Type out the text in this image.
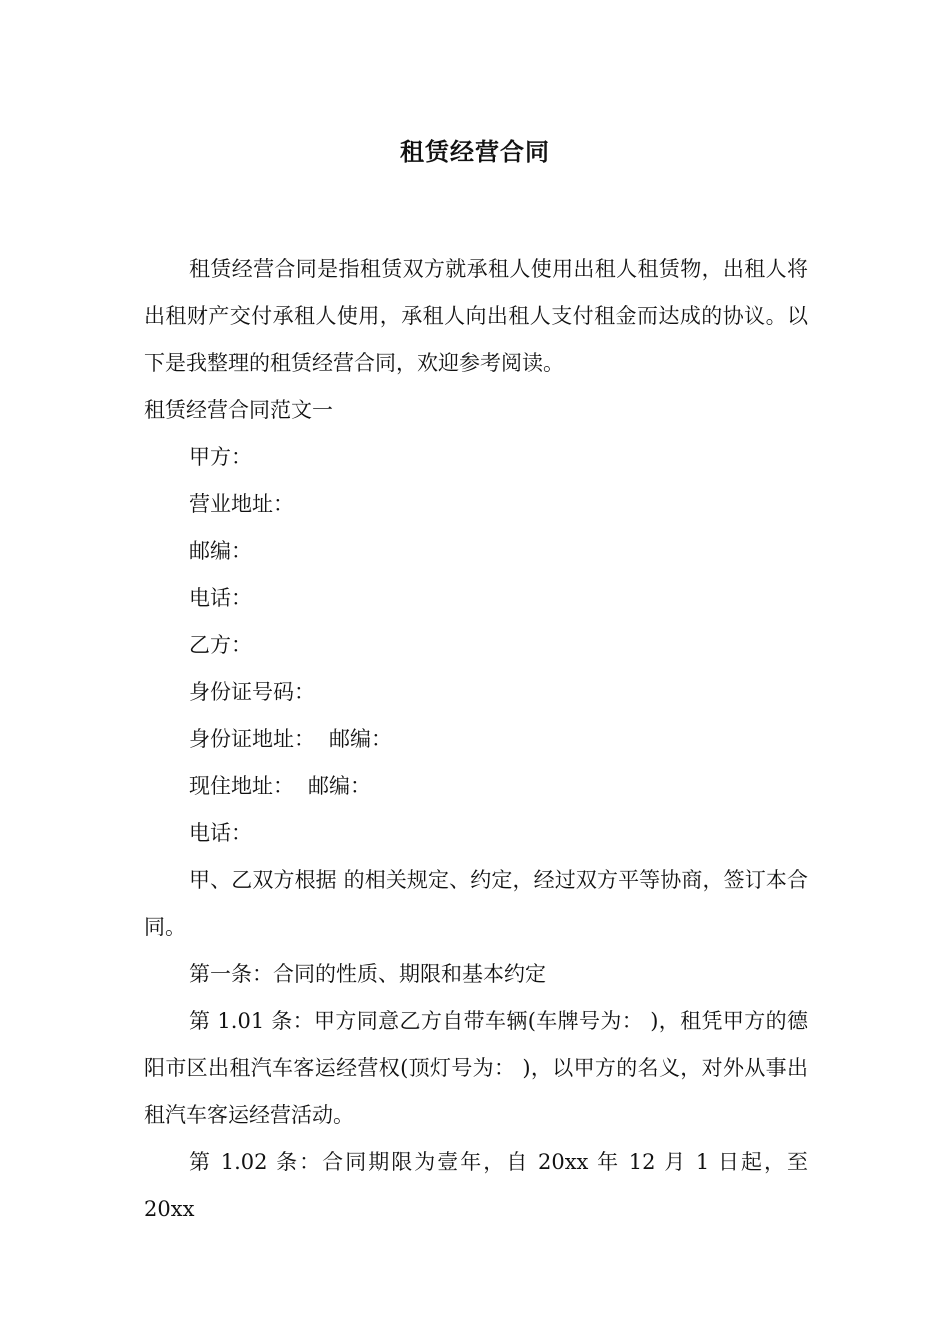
租赁经营合同

租赁经营合同是指租赁双方就承租人使用出租人租赁物，出租人将出租财产交付承租人使用，承租人向出租人支付租金而达成的协议。以下是我整理的租赁经营合同，欢迎参考阅读。

租赁经营合同范文一

甲方：

营业地址：

邮编：

电话：

乙方：

身份证号码：

身份证地址： 邮编：

现住地址： 邮编：

电话：

甲、乙双方根据 的相关规定、约定，经过双方平等协商，签订本合同。

第一条：合同的性质、期限和基本约定

第 1.01 条：甲方同意乙方自带车辆(车牌号为： )，租凭甲方的德阳市区出租汽车客运经营权(顶灯号为： )，以甲方的名义，对外从事出租汽车客运经营活动。

第 1.02 条：合同期限为壹年，自 20xx 年 12 月 1 日起，至 20xx
